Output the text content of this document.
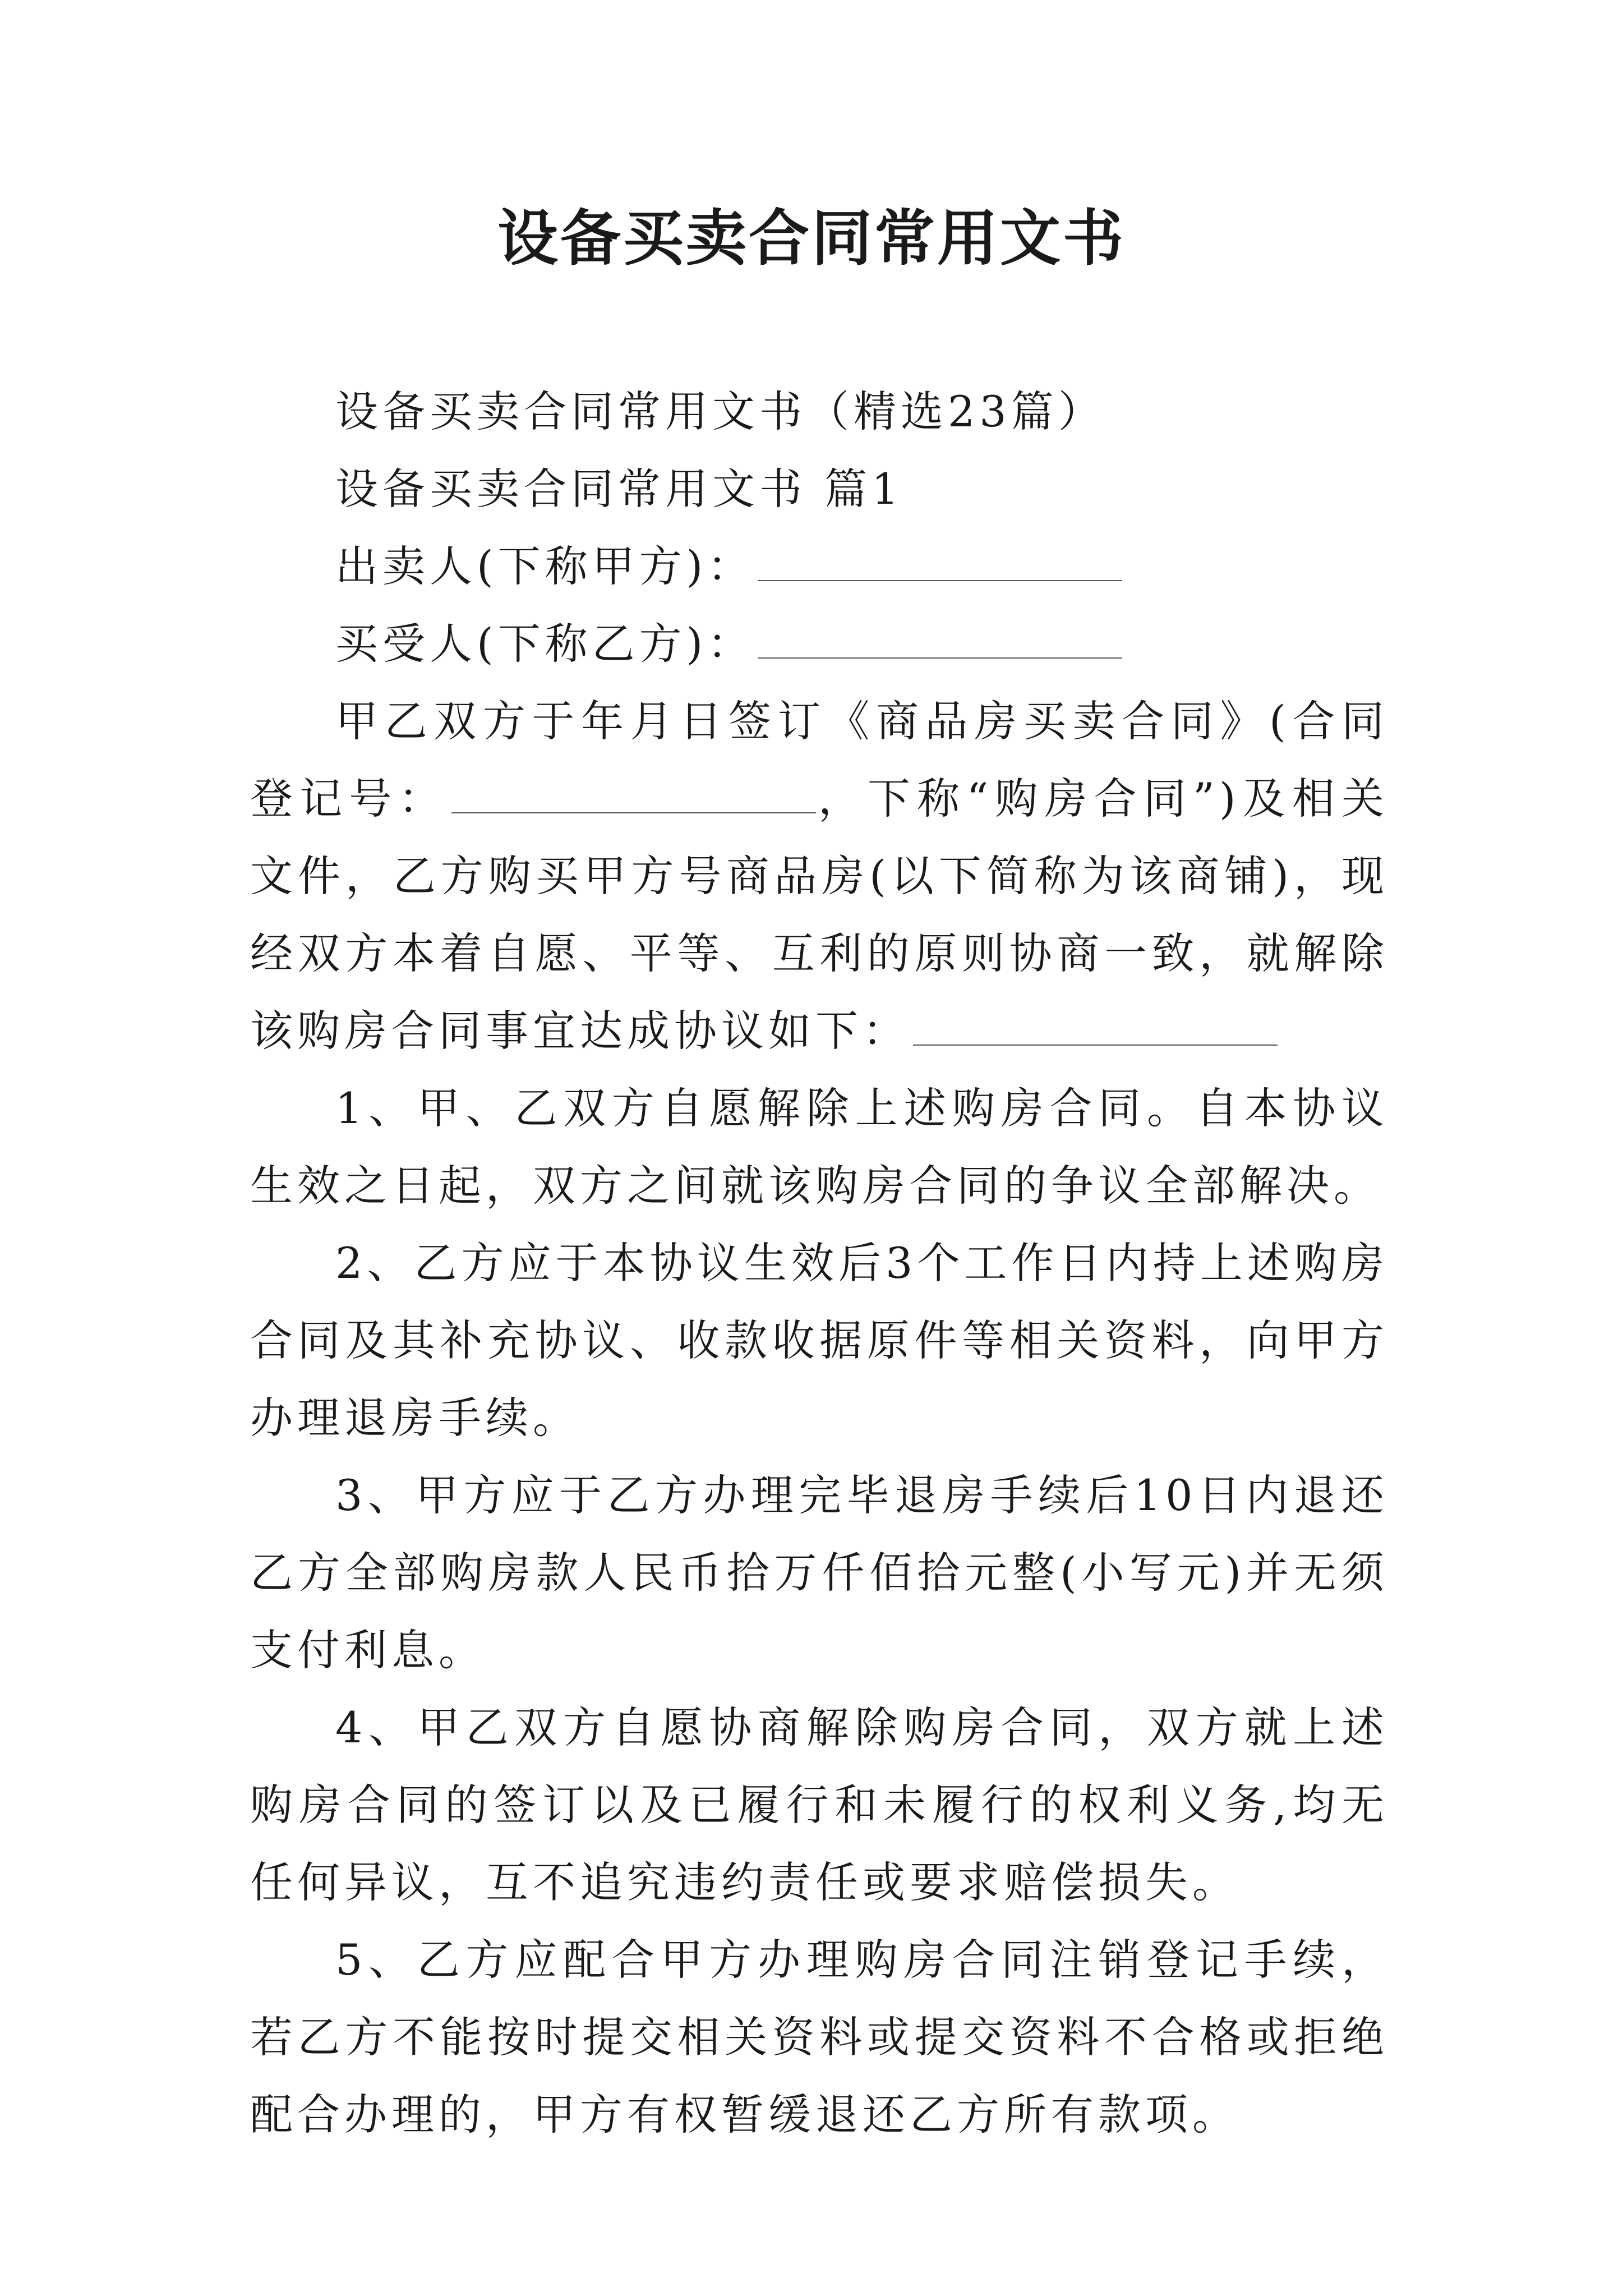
设备买卖合同常用文书

设备买卖合同常用文书（精选23篇）

设备买卖合同常用文书 篇1

出卖人(下称甲方)：

买受人(下称乙方)：

甲乙双方于年月日签订《商品房买卖合同》(合同登记号：	，下称“购房合同”)及相关文件，乙方购买甲方号商品房(以下简称为该商铺)，现经双方本着自愿、平等、互利的原则协商一致，就解除该购房合同事宜达成协议如下：

1、甲、乙双方自愿解除上述购房合同。自本协议生效之日起，双方之间就该购房合同的争议全部解决。

2、乙方应于本协议生效后3个工作日内持上述购房合同及其补充协议、收款收据原件等相关资料，向甲方办理退房手续。

3、甲方应于乙方办理完毕退房手续后10日内退还乙方全部购房款人民币拾万仟佰拾元整(小写元)并无须支付利息。

4、甲乙双方自愿协商解除购房合同，双方就上述购房合同的签订以及已履行和未履行的权利义务,均无任何异议，互不追究违约责任或要求赔偿损失。

5、乙方应配合甲方办理购房合同注销登记手续，若乙方不能按时提交相关资料或提交资料不合格或拒绝配合办理的，甲方有权暂缓退还乙方所有款项。
